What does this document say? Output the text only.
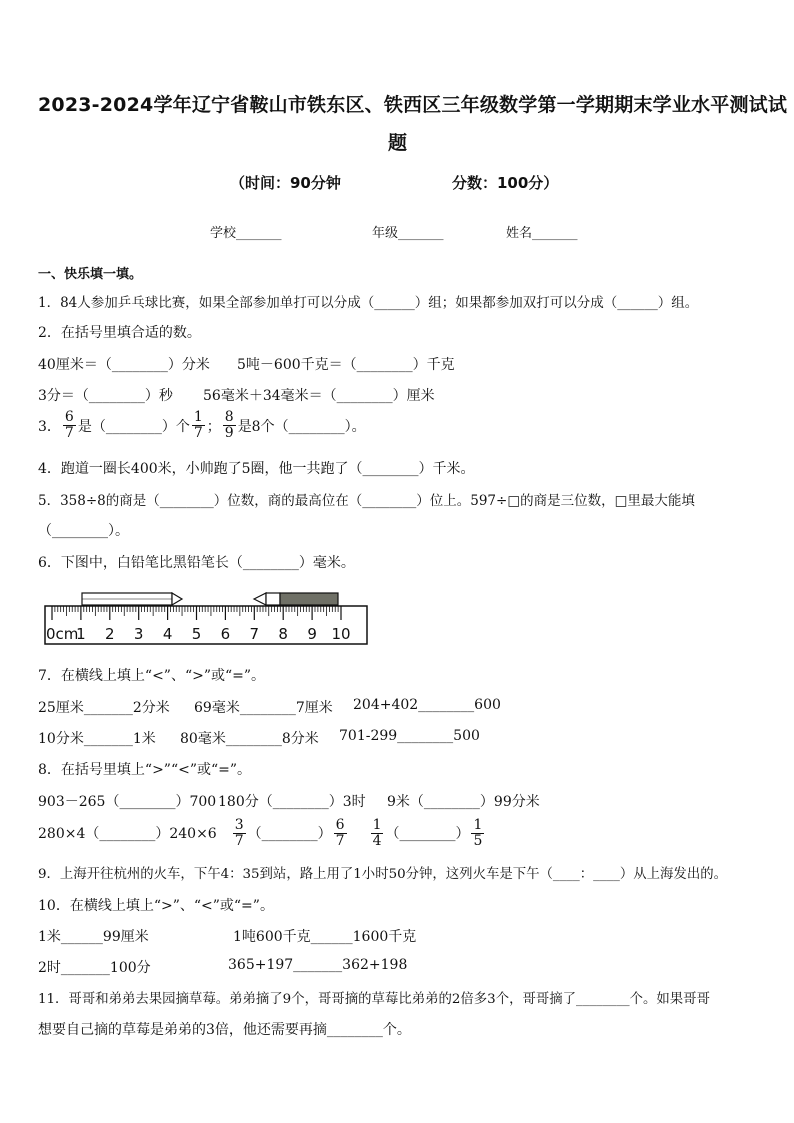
2023-2024学年辽宁省鞍山市铁东区、铁西区三年级数学第一学期期末学业水平测试试
题
（时间：90分钟	分数：100分）
学校_______	年级_______	姓名_______
一、快乐填一填。
1．84人参加乒乓球比赛，如果全部参加单打可以分成（______）组；如果都参加双打可以分成（______）组。
2．在括号里填合适的数。
40厘米＝（________）分米 5吨－600千克＝（________）千克
3分＝（________）秒 56毫米＋34毫米＝（________）厘米
3． $\frac{6}{7}$ 是（________）个 $\frac{1}{7}$ ； $\frac{8}{9}$ 是8个（________）。
4．跑道一圈长400米，小帅跑了5圈，他一共跑了（________）千米。
5．358÷8的商是（________）位数，商的最高位在（________）位上。597÷□的商是三位数，□里最大能填
（________）。
6．下图中，白铅笔比黑铅笔长（________）毫米。
0cm
1 2 3 4 5 6 7 8 9 10
7．在横线上填上“<”、“>”或“=”。
25厘米_______2分米 69毫米________7厘米 204+402________600
10分米_______1米 80毫米________8分米 701-299________500
8．在括号里填上“>”“<”或“=”。
903－265（________）700 180分（________）3时 9米（________）99分米
280×4（________）240×6 $\frac{3}{7}$ （________） $\frac{6}{7} \frac{1}{4}$ （________） $\frac{1}{5}$
9．上海开往杭州的火车，下午4：35到站，路上用了1小时50分钟，这列火车是下午（____：____）从上海发出的。
10．在横线上填上“>”、“<”或“=”。
1米______99厘米	1吨600千克______1600千克
2时_______100分	365+197_______362+198
11．哥哥和弟弟去果园摘草莓。弟弟摘了9个，哥哥摘的草莓比弟弟的2倍多3个，哥哥摘了________个。如果哥哥
想要自己摘的草莓是弟弟的3倍，他还需要再摘________个。
